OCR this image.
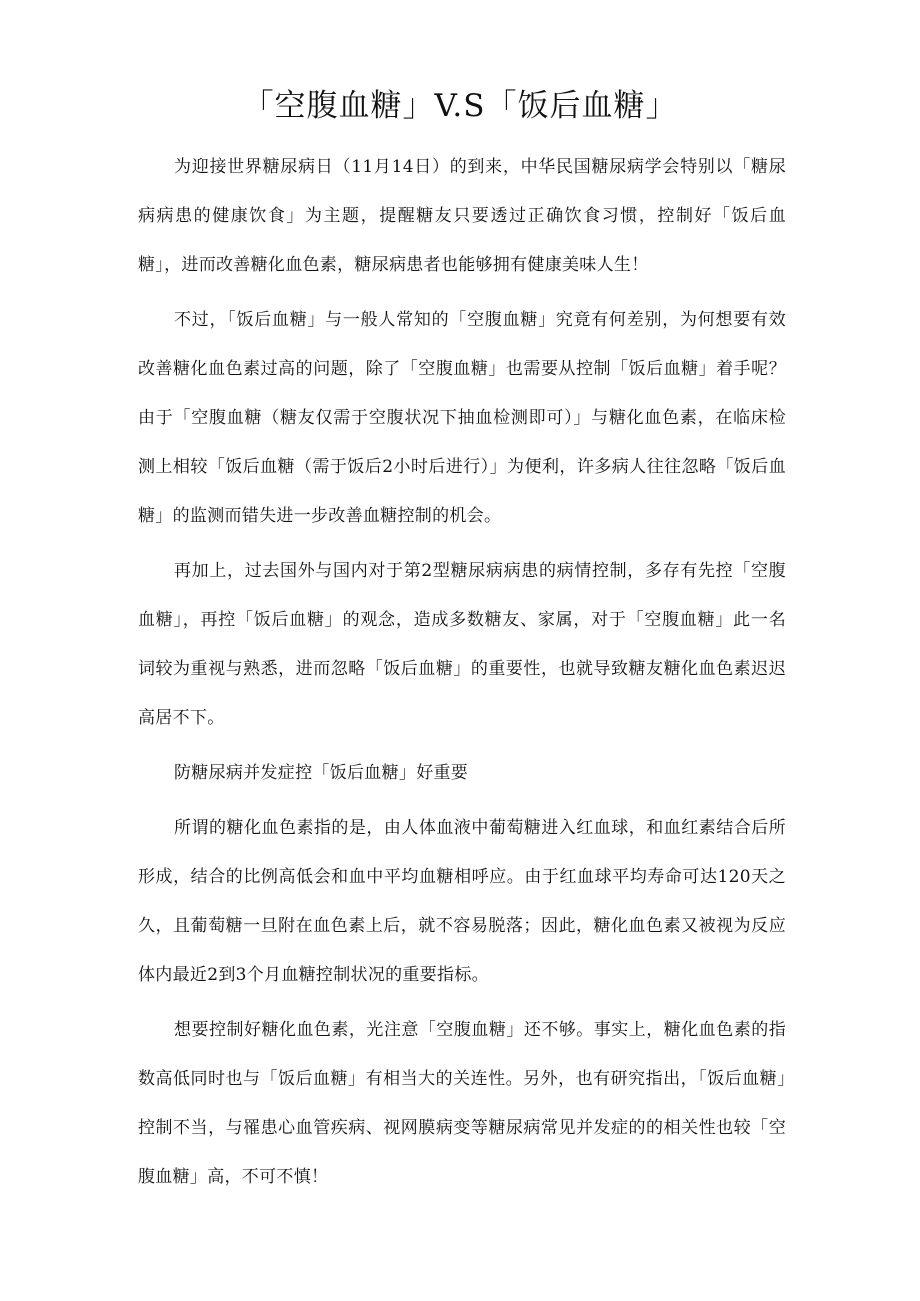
「空腹血糖」V.S「饭后血糖」

为迎接世界糖尿病日（11月14日）的到来，中华民国糖尿病学会特别以「糖尿病病患的健康饮食」为主题，提醒糖友只要透过正确饮食习惯，控制好「饭后血糖」，进而改善糖化血色素，糖尿病患者也能够拥有健康美味人生！

不过，「饭后血糖」与一般人常知的「空腹血糖」究竟有何差别，为何想要有效改善糖化血色素过高的问题，除了「空腹血糖」也需要从控制「饭后血糖」着手呢？由于「空腹血糖（糖友仅需于空腹状况下抽血检测即可）」与糖化血色素，在临床检测上相较「饭后血糖（需于饭后2小时后进行）」为便利，许多病人往往忽略「饭后血糖」的监测而错失进一步改善血糖控制的机会。

再加上，过去国外与国内对于第2型糖尿病病患的病情控制，多存有先控「空腹血糖」，再控「饭后血糖」的观念，造成多数糖友、家属，对于「空腹血糖」此一名词较为重视与熟悉，进而忽略「饭后血糖」的重要性，也就导致糖友糖化血色素迟迟高居不下。

防糖尿病并发症控「饭后血糖」好重要

所谓的糖化血色素指的是，由人体血液中葡萄糖进入红血球，和血红素结合后所形成，结合的比例高低会和血中平均血糖相呼应。由于红血球平均寿命可达120天之久，且葡萄糖一旦附在血色素上后，就不容易脱落；因此，糖化血色素又被视为反应体内最近2到3个月血糖控制状况的重要指标。

想要控制好糖化血色素，光注意「空腹血糖」还不够。事实上，糖化血色素的指数高低同时也与「饭后血糖」有相当大的关连性。另外，也有研究指出，「饭后血糖」控制不当，与罹患心血管疾病、视网膜病变等糖尿病常见并发症的的相关性也较「空腹血糖」高，不可不慎！
